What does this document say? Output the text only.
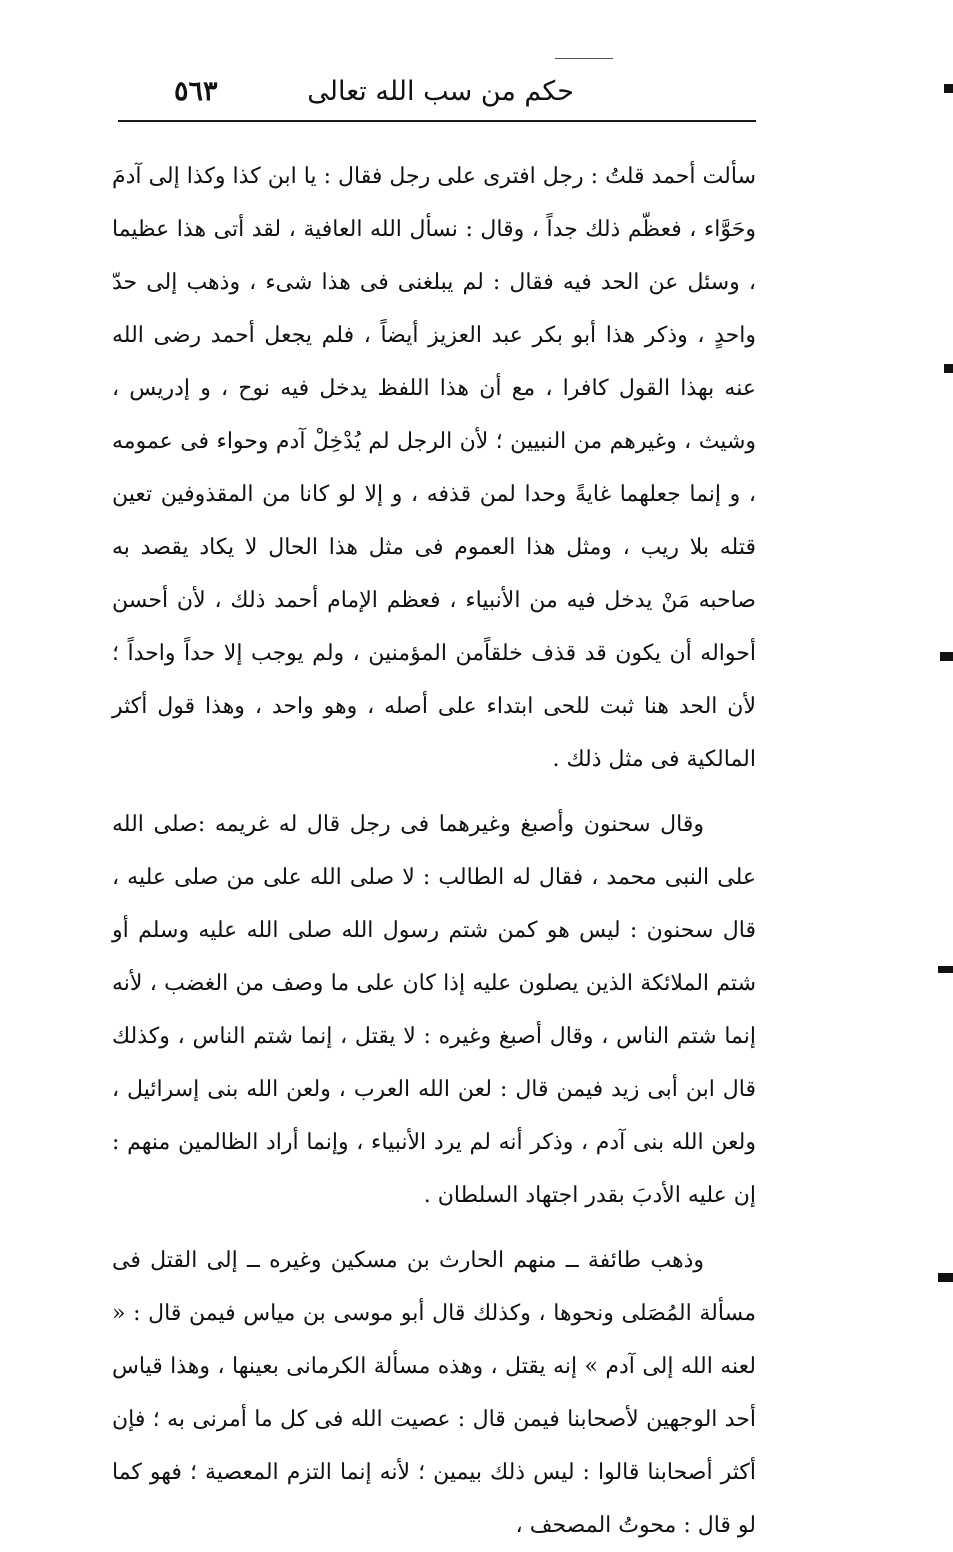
حكم من سب الله تعالى
٥٦٣

سألت أحمد قلتُ : رجل افترى على رجل فقال : يا ابن كذا وكذا إلى آدمَ وحَوَّاء ، فعظّم ذلك جداً ، وقال : نسأل الله العافية ، لقد أتى هذا عظيما ، وسئل عن الحد فيه فقال : لم يبلغنى فى هذا شىء ، وذهب إلى حدّ واحدٍ ، وذكر هذا أبو بكر عبد العزيز أيضاً ، فلم يجعل أحمد رضى الله عنه بهذا القول كافرا ، مع أن هذا اللفظ يدخل فيه نوح ، و إدريس ، وشيث ، وغيرهم من النبيين ؛ لأن الرجل لم يُدْخِلْ آدم وحواء فى عمومه ، و إنما جعلهما غايةً وحدا لمن قذفه ، و إلا لو كانا من المقذوفين تعين قتله بلا ريب ، ومثل هذا العموم فى مثل هذا الحال لا يكاد يقصد به صاحبه مَنْ يدخل فيه من الأنبياء ، فعظم الإمام أحمد ذلك ، لأن أحسن أحواله أن يكون قد قذف خلقاًمن المؤمنين ، ولم يوجب إلا حداً واحداً ؛ لأن الحد هنا ثبت للحى ابتداء على أصله ، وهو واحد ، وهذا قول أكثر المالكية فى مثل ذلك .

وقال سحنون وأصبغ وغيرهما فى رجل قال له غريمه :صلى الله على النبى محمد ، فقال له الطالب : لا صلى الله على من صلى عليه ، قال سحنون : ليس هو كمن شتم رسول الله صلى الله عليه وسلم أو شتم الملائكة الذين يصلون عليه إذا كان على ما وصف من الغضب ، لأنه إنما شتم الناس ، وقال أصبغ وغيره : لا يقتل ، إنما شتم الناس ، وكذلك قال ابن أبى زيد فيمن قال : لعن الله العرب ، ولعن الله بنى إسرائيل ، ولعن الله بنى آدم ، وذكر أنه لم يرد الأنبياء ، وإنما أراد الظالمين منهم : إن عليه الأدبَ بقدر اجتهاد السلطان .

وذهب طائفة ــ منهم الحارث بن مسكين وغيره ــ إلى القتل فى مسألة المُصَلى ونحوها ، وكذلك قال أبو موسى بن مياس فيمن قال : « لعنه الله إلى آدم » إنه يقتل ، وهذه مسألة الكرمانى بعينها ، وهذا قياس أحد الوجهين لأصحابنا فيمن قال : عصيت الله فى كل ما أمرنى به ؛ فإن أكثر أصحابنا قالوا : ليس ذلك بيمين ؛ لأنه إنما التزم المعصية ؛ فهو كما لو قال : محوتُ المصحف ،
